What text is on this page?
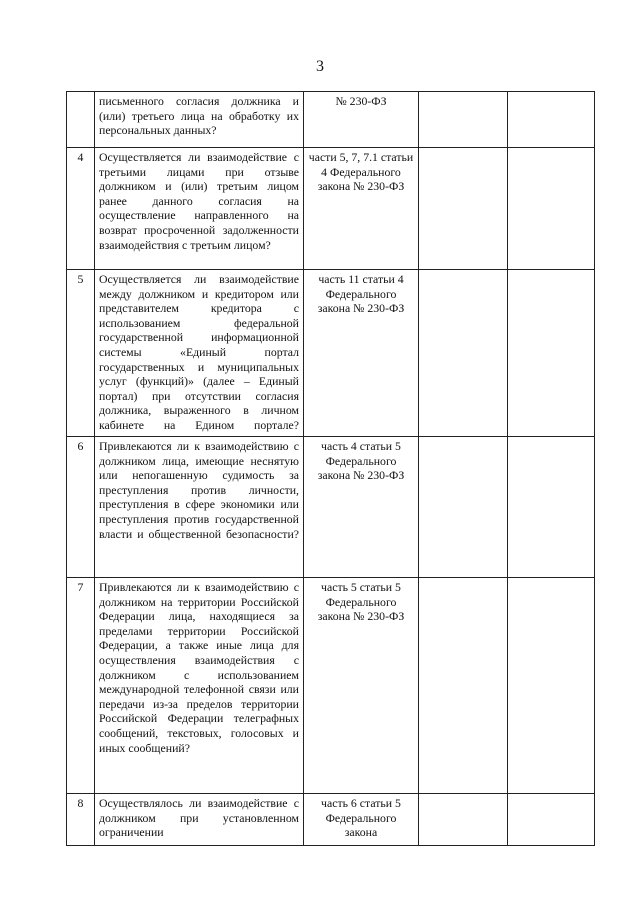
3

	письменного согласия должника и (или) третьего лица на обработку их персональных данных?	№ 230-ФЗ		
4	Осуществляется ли взаимодействие с третьими лицами при отзыве должником и (или) третьим лицом ранее данного согласия на осуществление направленного на возврат просроченной задолженности взаимодействия с третьим лицом?	части 5, 7, 7.1 статьи 4 Федерального закона № 230-ФЗ		
5	Осуществляется ли взаимодействие между должником и кредитором или представителем кредитора с использованием федеральной государственной информационной системы «Единый портал государственных и муниципальных услуг (функций)» (далее – Единый портал) при отсутствии согласия должника, выраженного в личном кабинете на Едином портале?	часть 11 статьи 4 Федерального закона № 230-ФЗ		
6	Привлекаются ли к взаимодействию с должником лица, имеющие неснятую или непогашенную судимость за преступления против личности, преступления в сфере экономики или преступления против государственной власти и общественной безопасности?	часть 4 статьи 5 Федерального закона № 230-ФЗ		
7	Привлекаются ли к взаимодействию с должником на территории Российской Федерации лица, находящиеся за пределами территории Российской Федерации, а также иные лица для осуществления взаимодействия с должником с использованием международной телефонной связи или передачи из-за пределов территории Российской Федерации телеграфных сообщений, текстовых, голосовых и иных сообщений?	часть 5 статьи 5 Федерального закона № 230-ФЗ		
8	Осуществлялось ли взаимодействие с должником при установленном ограничении	часть 6 статьи 5 Федерального закона		
